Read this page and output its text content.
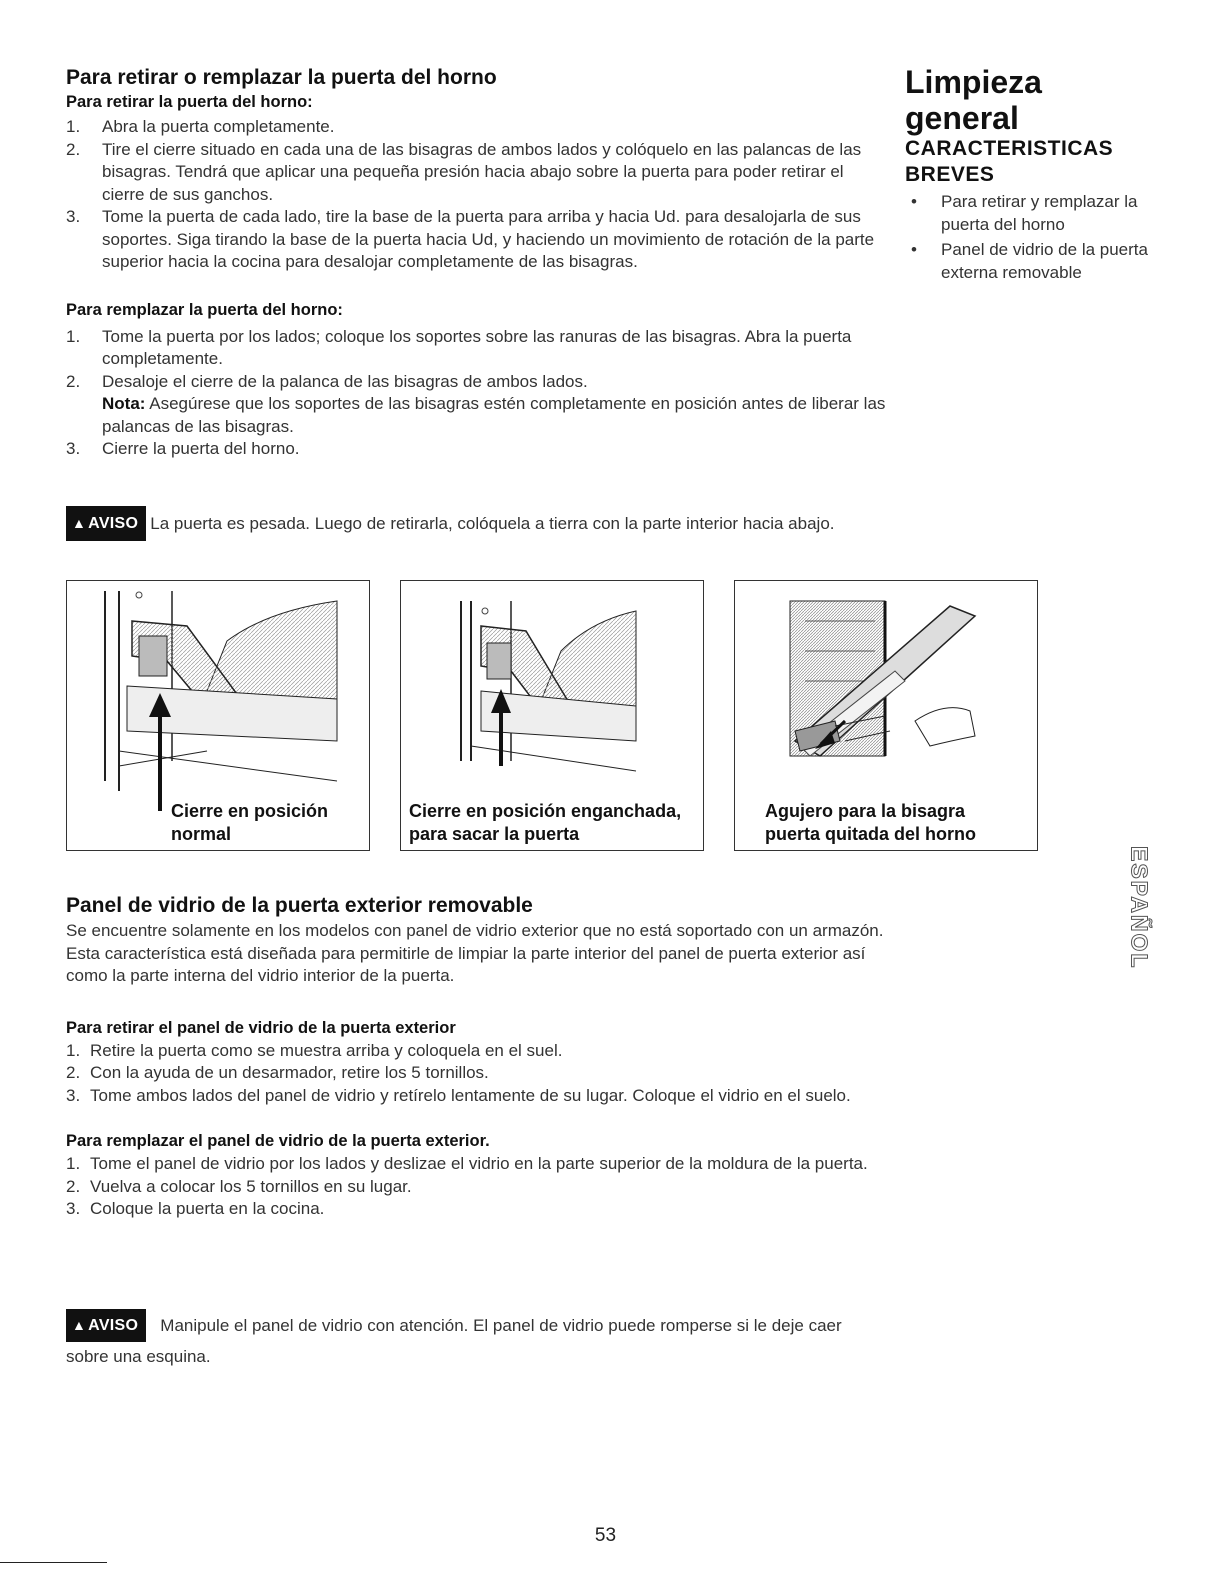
Para retirar o remplazar la puerta del horno
Para retirar la puerta del horno:
1.	Abra la puerta completamente.
2.	Tire el cierre situado en cada una de las bisagras de ambos lados y colóquelo en las palancas de las bisagras. Tendrá que aplicar una pequeña presión hacia abajo sobre la puerta para poder retirar el cierre de sus ganchos.
3.	Tome la puerta de cada lado, tire la base de la puerta para arriba y hacia Ud. para desalojarla de sus soportes. Siga tirando la base de la puerta hacia Ud, y haciendo un movimiento de rotación de la parte superior hacia la cocina para desalojar completamente de las bisagras.
Para remplazar la puerta del horno:
1.	Tome la puerta por los lados; coloque los soportes sobre las ranuras de las bisagras. Abra la puerta completamente.
2.	Desaloje el cierre de la palanca de las bisagras de ambos lados.
Nota: Asegúrese que los soportes de las bisagras estén completamente en posición antes de liberar las palancas de las bisagras.
3.	Cierre la puerta del horno.
▲ AVISO La puerta es pesada. Luego de retirarla, colóquela a tierra con la parte interior hacia abajo.
Cierre en posición
normal
Cierre en posición enganchada,
para sacar la puerta
Agujero para la bisagra
puerta quitada del horno
Panel de vidrio de la puerta exterior removable
Se encuentre solamente en los modelos con panel de vidrio exterior que no está soportado con un armazón. Esta característica está diseñada para permitirle de limpiar la parte interior del panel de puerta exterior así como la parte interna del vidrio interior de la puerta.
Para retirar el panel de vidrio de la puerta exterior
1. Retire la puerta como se muestra arriba y coloquela en el suel.
2. Con la ayuda de un desarmador, retire los 5 tornillos.
3. Tome ambos lados del panel de vidrio y retírelo lentamente de su lugar. Coloque el vidrio en el suelo.
Para remplazar el panel de vidrio de la puerta exterior.
1. Tome el panel de vidrio por los lados y deslizae el vidrio en la parte superior de la moldura de la puerta.
2. Vuelva a colocar los 5 tornillos en su lugar.
3. Coloque la puerta en la cocina.
▲ AVISO Manipule el panel de vidrio con atención. El panel de vidrio puede romperse si le deje caer sobre una esquina.
Limpieza
general
CARACTERISTICAS
BREVES
• Para retirar y remplazar la puerta del horno
• Panel de vidrio de la puerta externa removable
ESPAÑOL
53
